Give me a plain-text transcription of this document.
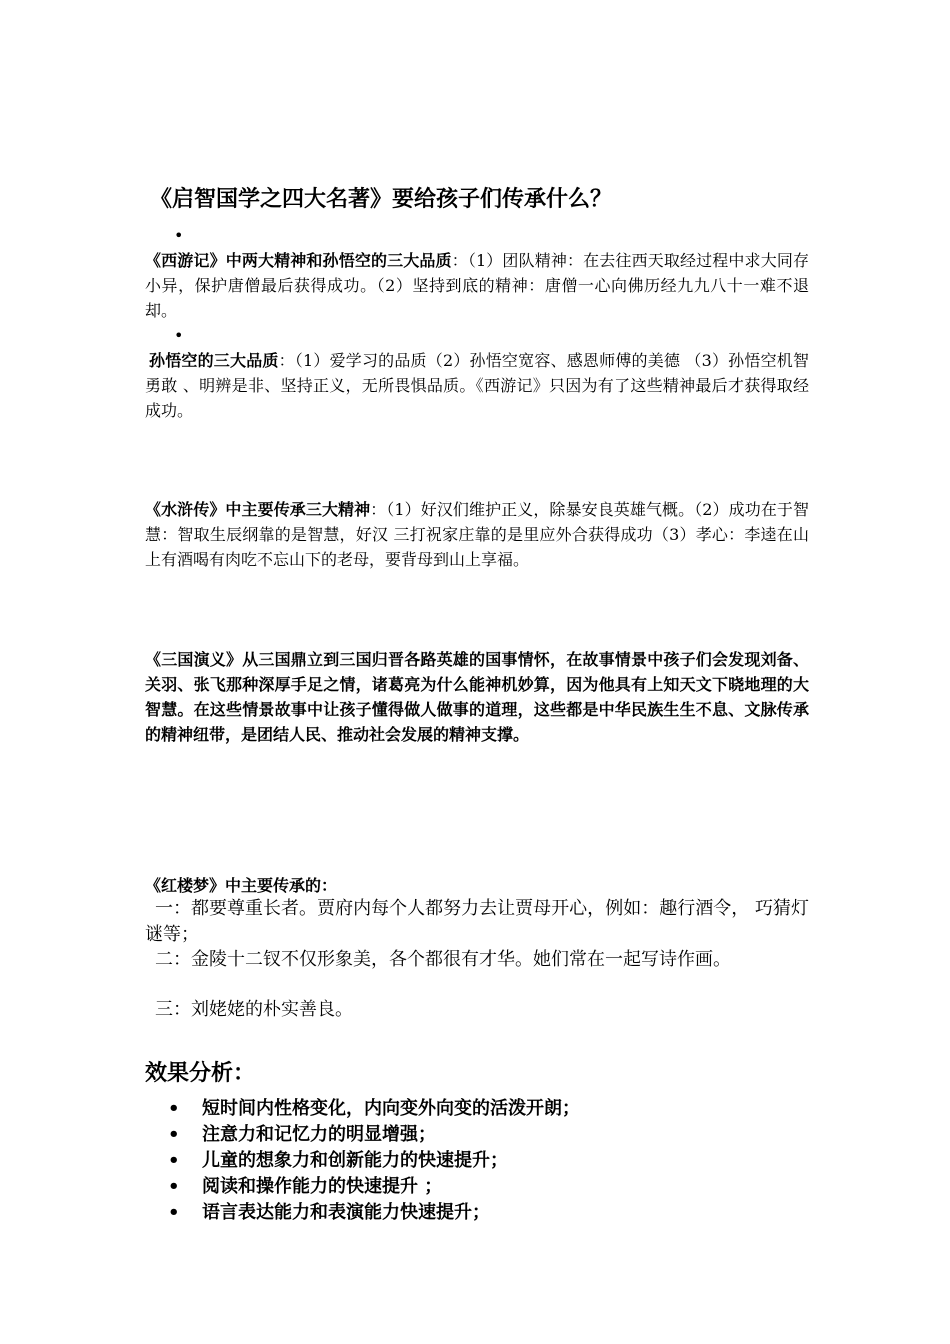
《启智国学之四大名著》要给孩子们传承什么？
•
《西游记》中两大精神和孙悟空的三大品质：（1）团队精神：在去往西天取经过程中求大同存小异，保护唐僧最后获得成功。（2）坚持到底的精神：唐僧一心向佛历经九九八十一难不退却。
•
孙悟空的三大品质：（1）爱学习的品质（2）孙悟空宽容、感恩师傅的美德 （3）孙悟空机智勇敢 、明辨是非、坚持正义，无所畏惧品质。《西游记》只因为有了这些精神最后才获得取经成功。
《水浒传》中主要传承三大精神：（1）好汉们维护正义，除暴安良英雄气概。（2）成功在于智慧：智取生辰纲靠的是智慧，好汉 三打祝家庄靠的是里应外合获得成功（3）孝心：李逵在山上有酒喝有肉吃不忘山下的老母，要背母到山上享福。
《三国演义》从三国鼎立到三国归晋各路英雄的国事情怀，在故事情景中孩子们会发现刘备、关羽、张飞那种深厚手足之情，诸葛亮为什么能神机妙算，因为他具有上知天文下晓地理的大智慧。在这些情景故事中让孩子懂得做人做事的道理，这些都是中华民族生生不息、文脉传承的精神纽带，是团结人民、推动社会发展的精神支撑。
《红楼梦》中主要传承的：
一：都要尊重长者。贾府内每个人都努力去让贾母开心，例如：趣行酒令， 巧猜灯谜等；
二：金陵十二钗不仅形象美，各个都很有才华。她们常在一起写诗作画。
三：刘姥姥的朴实善良。
效果分析：
•	短时间内性格变化，内向变外向变的活泼开朗；
•	注意力和记忆力的明显增强；
•	儿童的想象力和创新能力的快速提升；
•	阅读和操作能力的快速提升 ；
•	语言表达能力和表演能力快速提升；
